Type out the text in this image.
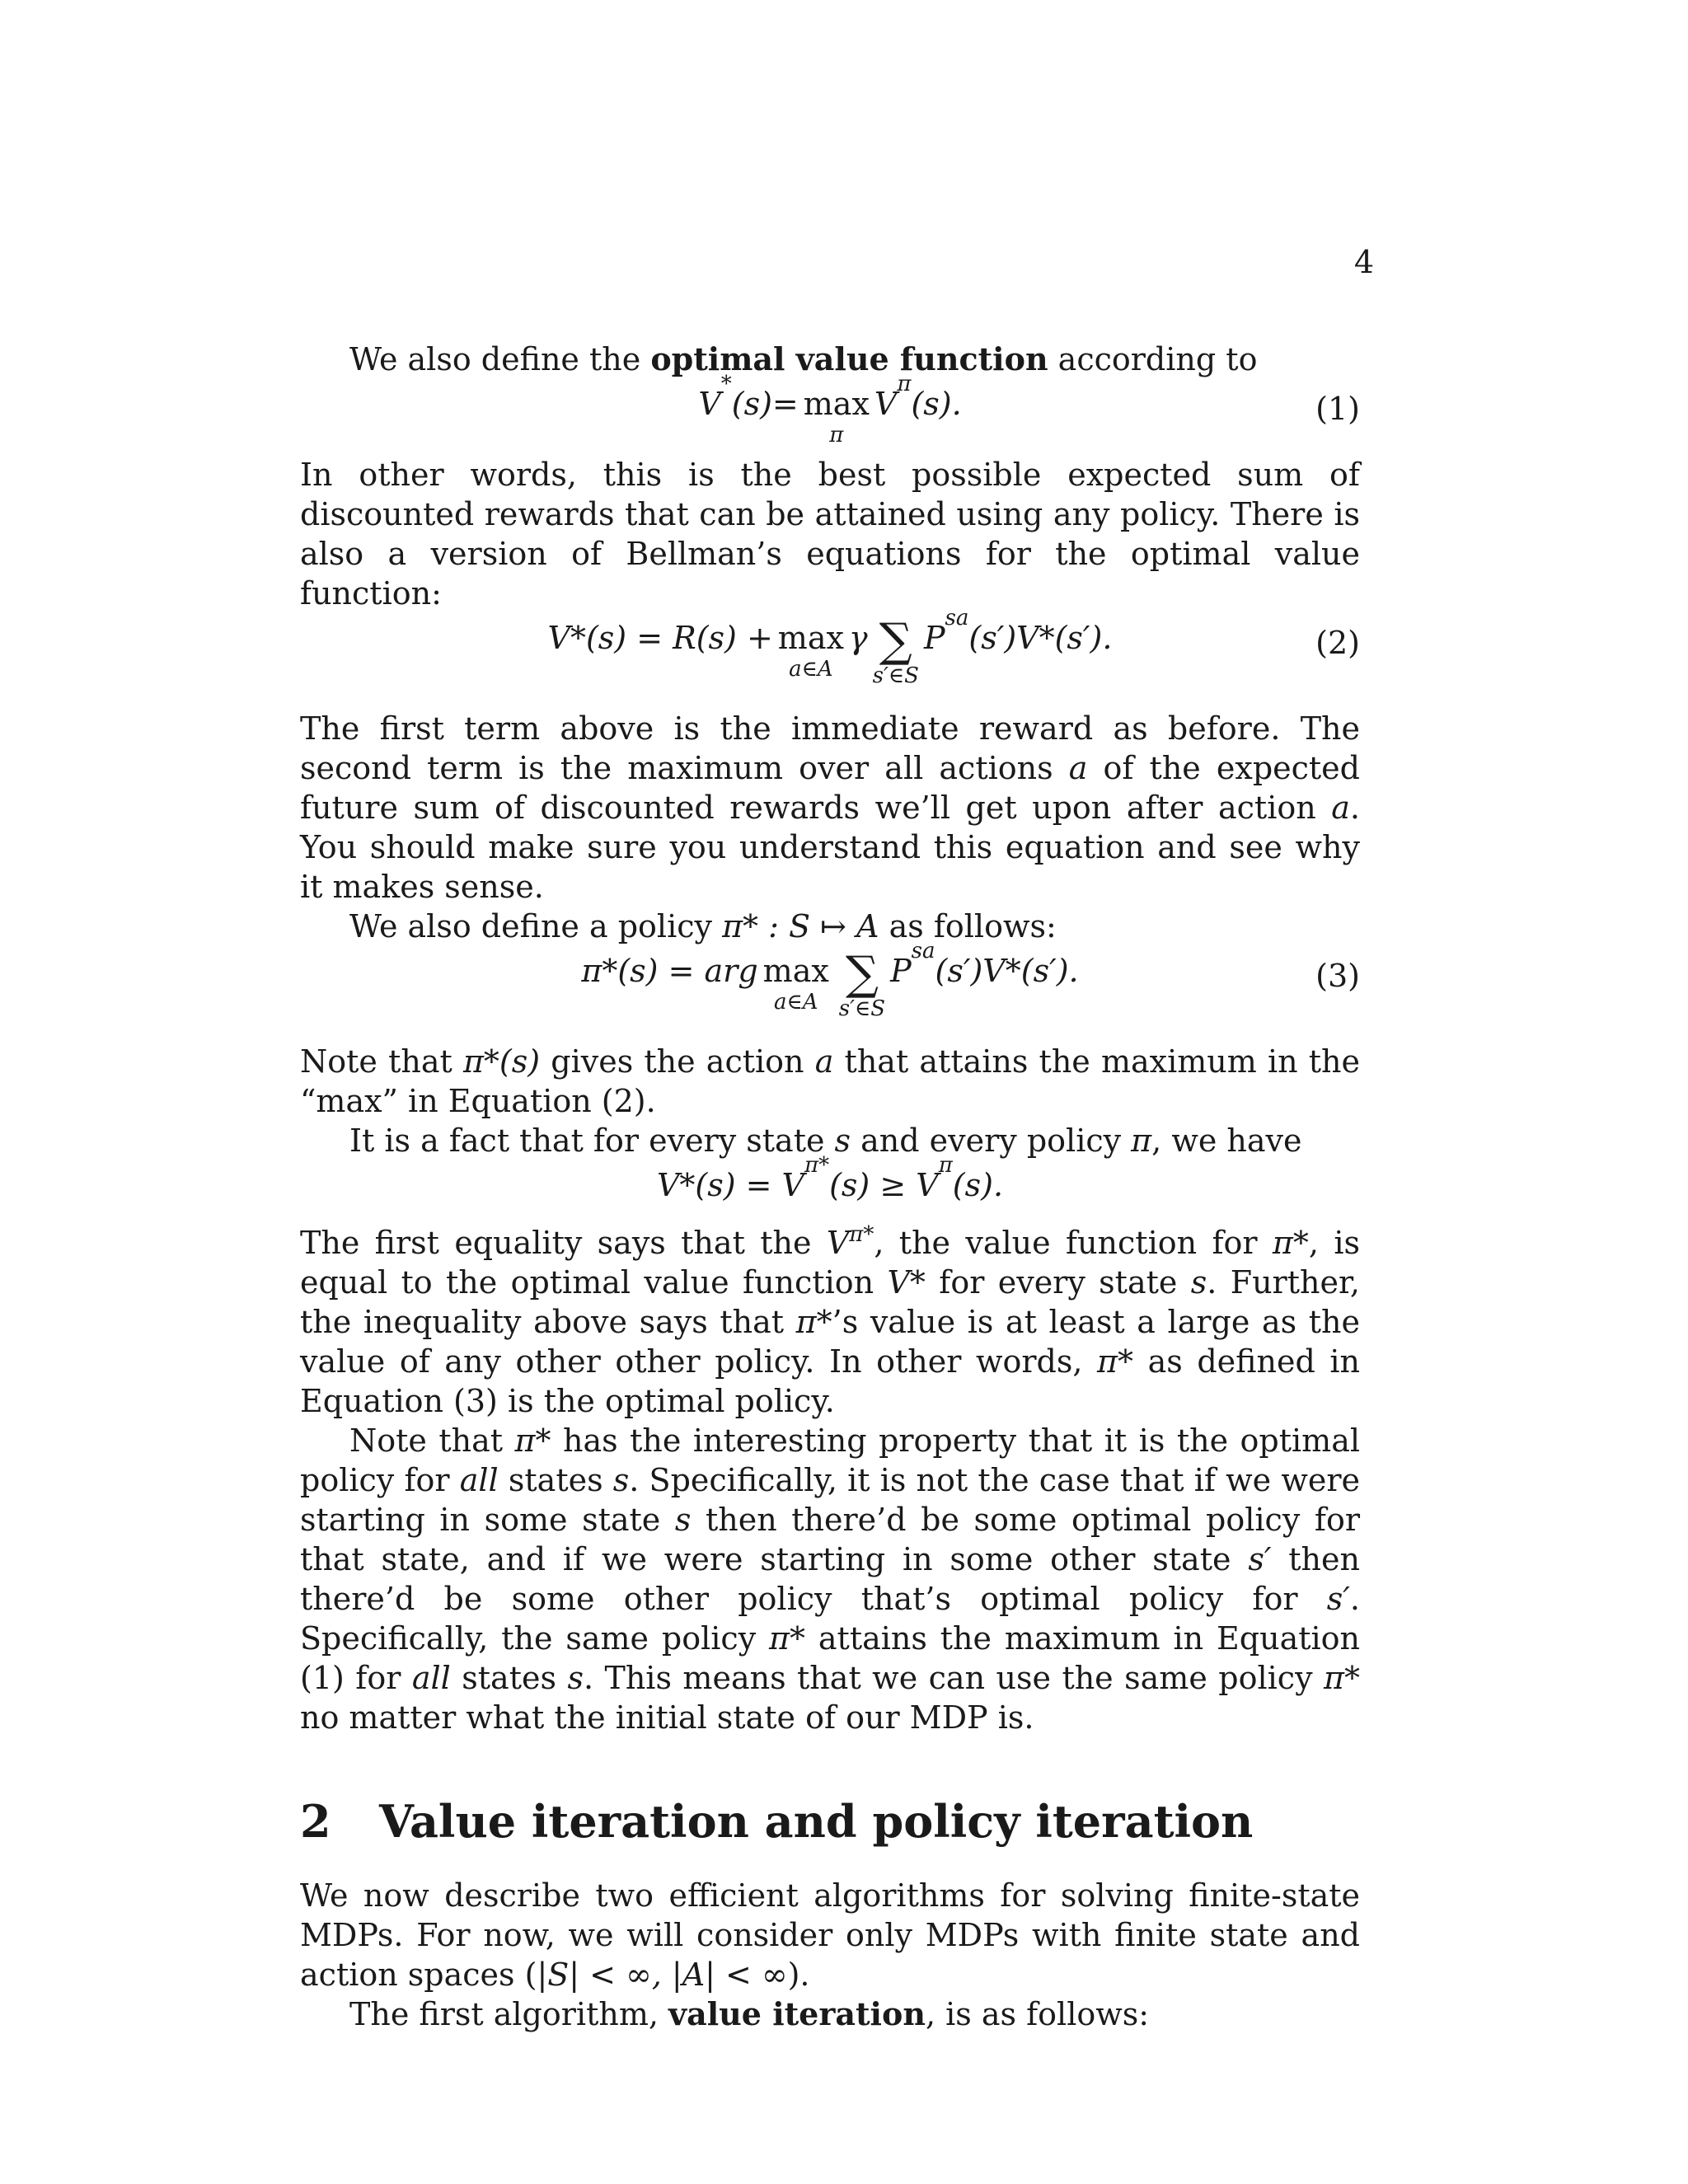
4

We also define the optimal value function according to

V
*
(s) = max
π
V
π
(s).	(1)

In other words, this is the best possible expected sum of discounted rewards that can be attained using any policy. There is also a version of Bellman’s equations for the optimal value function:

V*(s) = R(s) + max
a∈A
γ ∑
s′∈S
P
sa
(s′)V*(s′).	(2)

The first term above is the immediate reward as before. The second term is the maximum over all actions a of the expected future sum of discounted rewards we’ll get upon after action a. You should make sure you understand this equation and see why it makes sense.

We also define a policy π* : S ↦ A as follows:

π*(s) = arg max
a∈A
∑
s′∈S
P
sa
(s′)V*(s′).	(3)

Note that π*(s) gives the action a that attains the maximum in the “max” in Equation (2).

It is a fact that for every state s and every policy π, we have

V*(s) = V
π*
(s) ≥ V
π
(s).

The first equality says that the $V^{\pi*}$, the value function for π*, is equal to the optimal value function V* for every state s. Further, the inequality above says that π*’s value is at least a large as the value of any other other policy. In other words, π* as defined in Equation (3) is the optimal policy.

Note that π* has the interesting property that it is the optimal policy for all states s. Specifically, it is not the case that if we were starting in some state s then there’d be some optimal policy for that state, and if we were starting in some other state s′ then there’d be some other policy that’s optimal policy for s′. Specifically, the same policy π* attains the maximum in Equation (1) for all states s. This means that we can use the same policy π* no matter what the initial state of our MDP is.

2 Value iteration and policy iteration

We now describe two efficient algorithms for solving finite-state MDPs. For now, we will consider only MDPs with finite state and action spaces (|S| < ∞, |A| < ∞).

The first algorithm, value iteration, is as follows:
